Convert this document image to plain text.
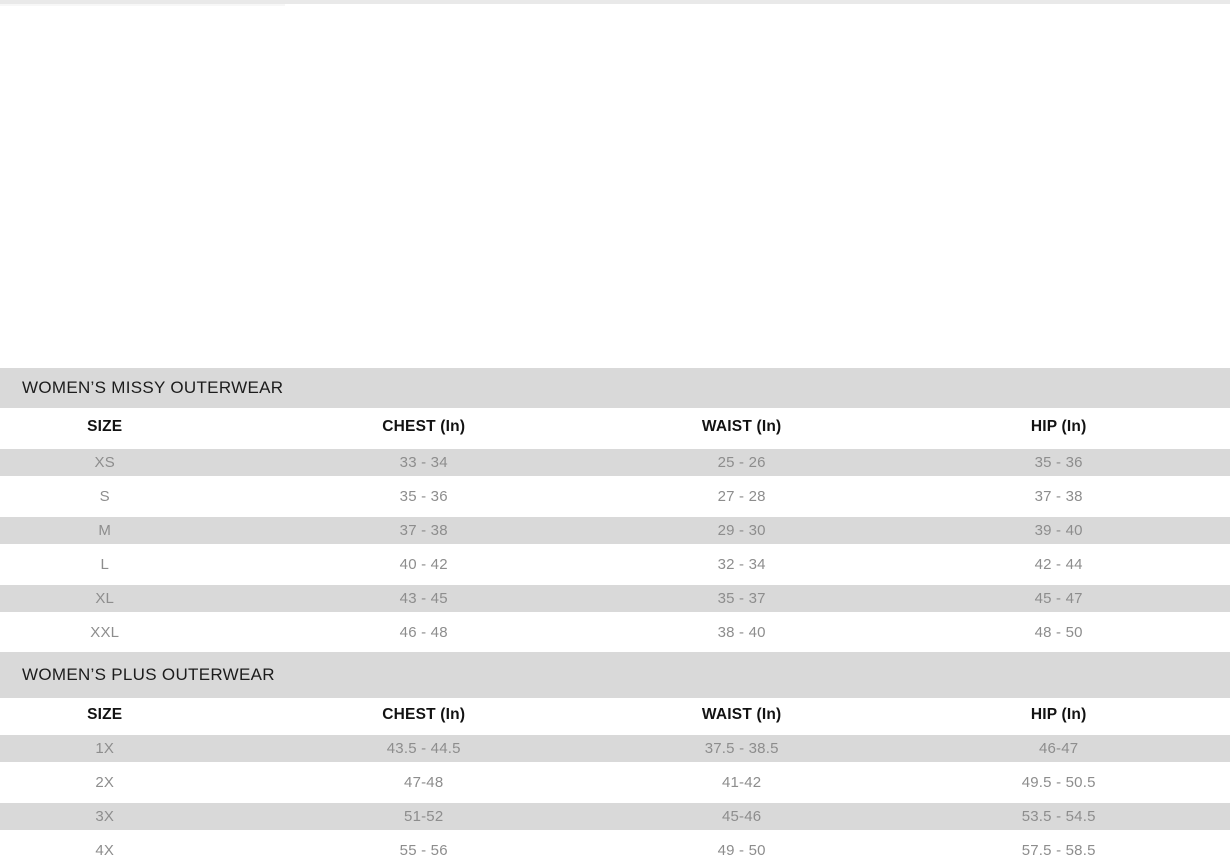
WOMEN’S MISSY OUTERWEAR
SIZE	CHEST (In)	WAIST (In)	HIP (In)
XS	33 - 34	25 - 26	35 - 36
S	35 - 36	27 - 28	37 - 38
M	37 - 38	29 - 30	39 - 40
L	40 - 42	32 - 34	42 - 44
XL	43 - 45	35 - 37	45 - 47
XXL	46 - 48	38 - 40	48 - 50
WOMEN’S PLUS OUTERWEAR
SIZE	CHEST (In)	WAIST (In)	HIP (In)
1X	43.5 - 44.5	37.5 - 38.5	46-47
2X	47-48	41-42	49.5 - 50.5
3X	51-52	45-46	53.5 - 54.5
4X	55 - 56	49 - 50	57.5 - 58.5
